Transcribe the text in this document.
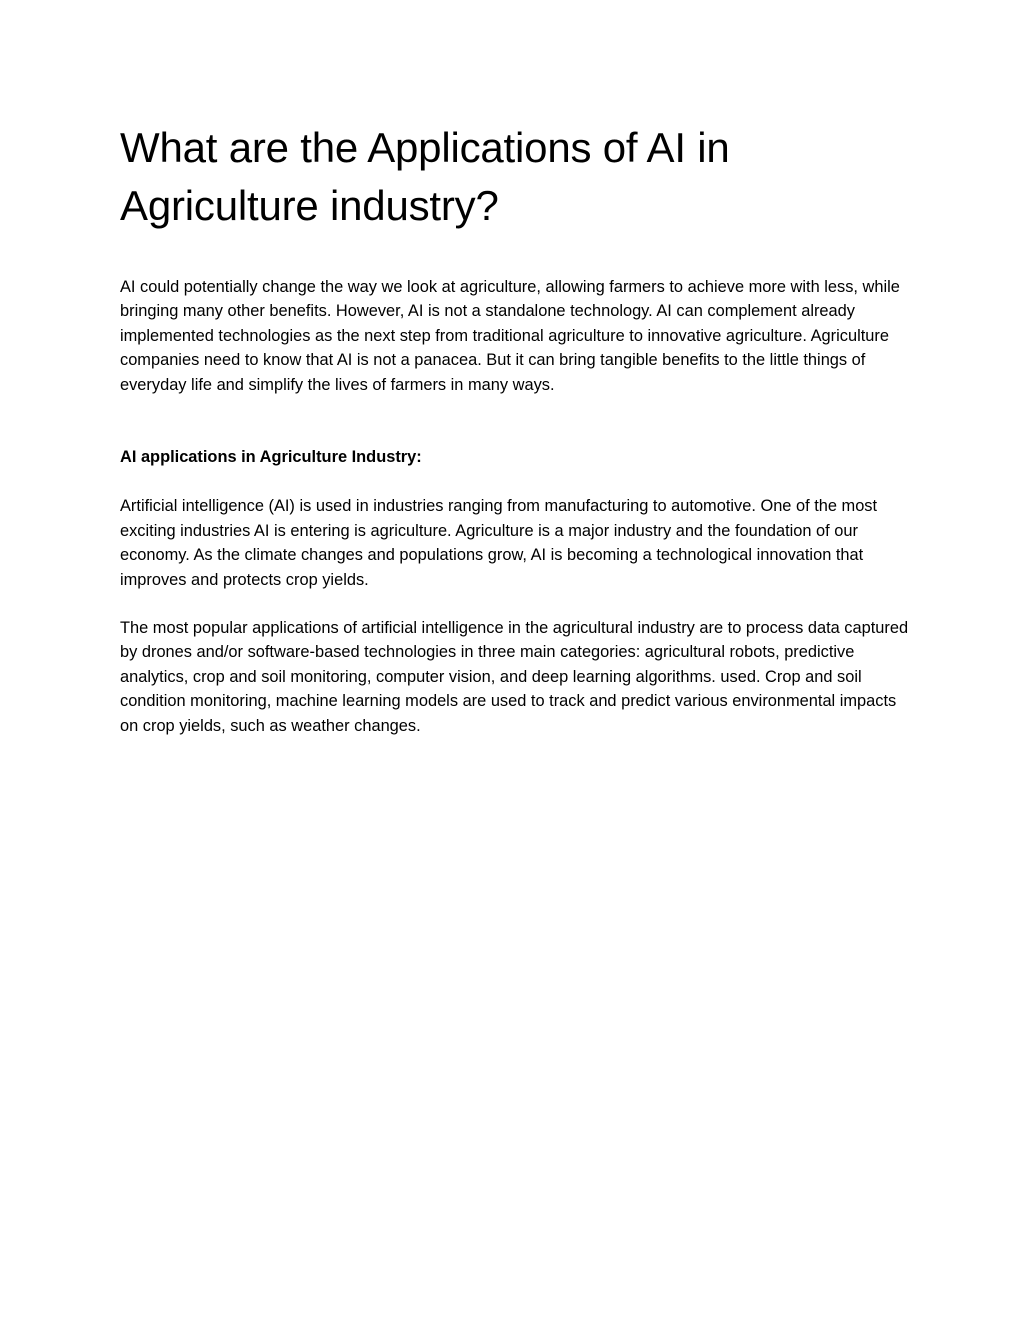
What are the Applications of AI in Agriculture industry?

AI could potentially change the way we look at agriculture, allowing farmers to achieve more with less, while bringing many other benefits. However, AI is not a standalone technology. AI can complement already implemented technologies as the next step from traditional agriculture to innovative agriculture. Agriculture companies need to know that AI is not a panacea. But it can bring tangible benefits to the little things of everyday life and simplify the lives of farmers in many ways.

AI applications in Agriculture Industry:

Artificial intelligence (AI) is used in industries ranging from manufacturing to automotive. One of the most exciting industries AI is entering is agriculture. Agriculture is a major industry and the foundation of our economy. As the climate changes and populations grow, AI is becoming a technological innovation that improves and protects crop yields.

The most popular applications of artificial intelligence in the agricultural industry are to process data captured by drones and/or software-based technologies in three main categories: agricultural robots, predictive analytics, crop and soil monitoring, computer vision, and deep learning algorithms. used. Crop and soil condition monitoring, machine learning models are used to track and predict various environmental impacts on crop yields, such as weather changes.
